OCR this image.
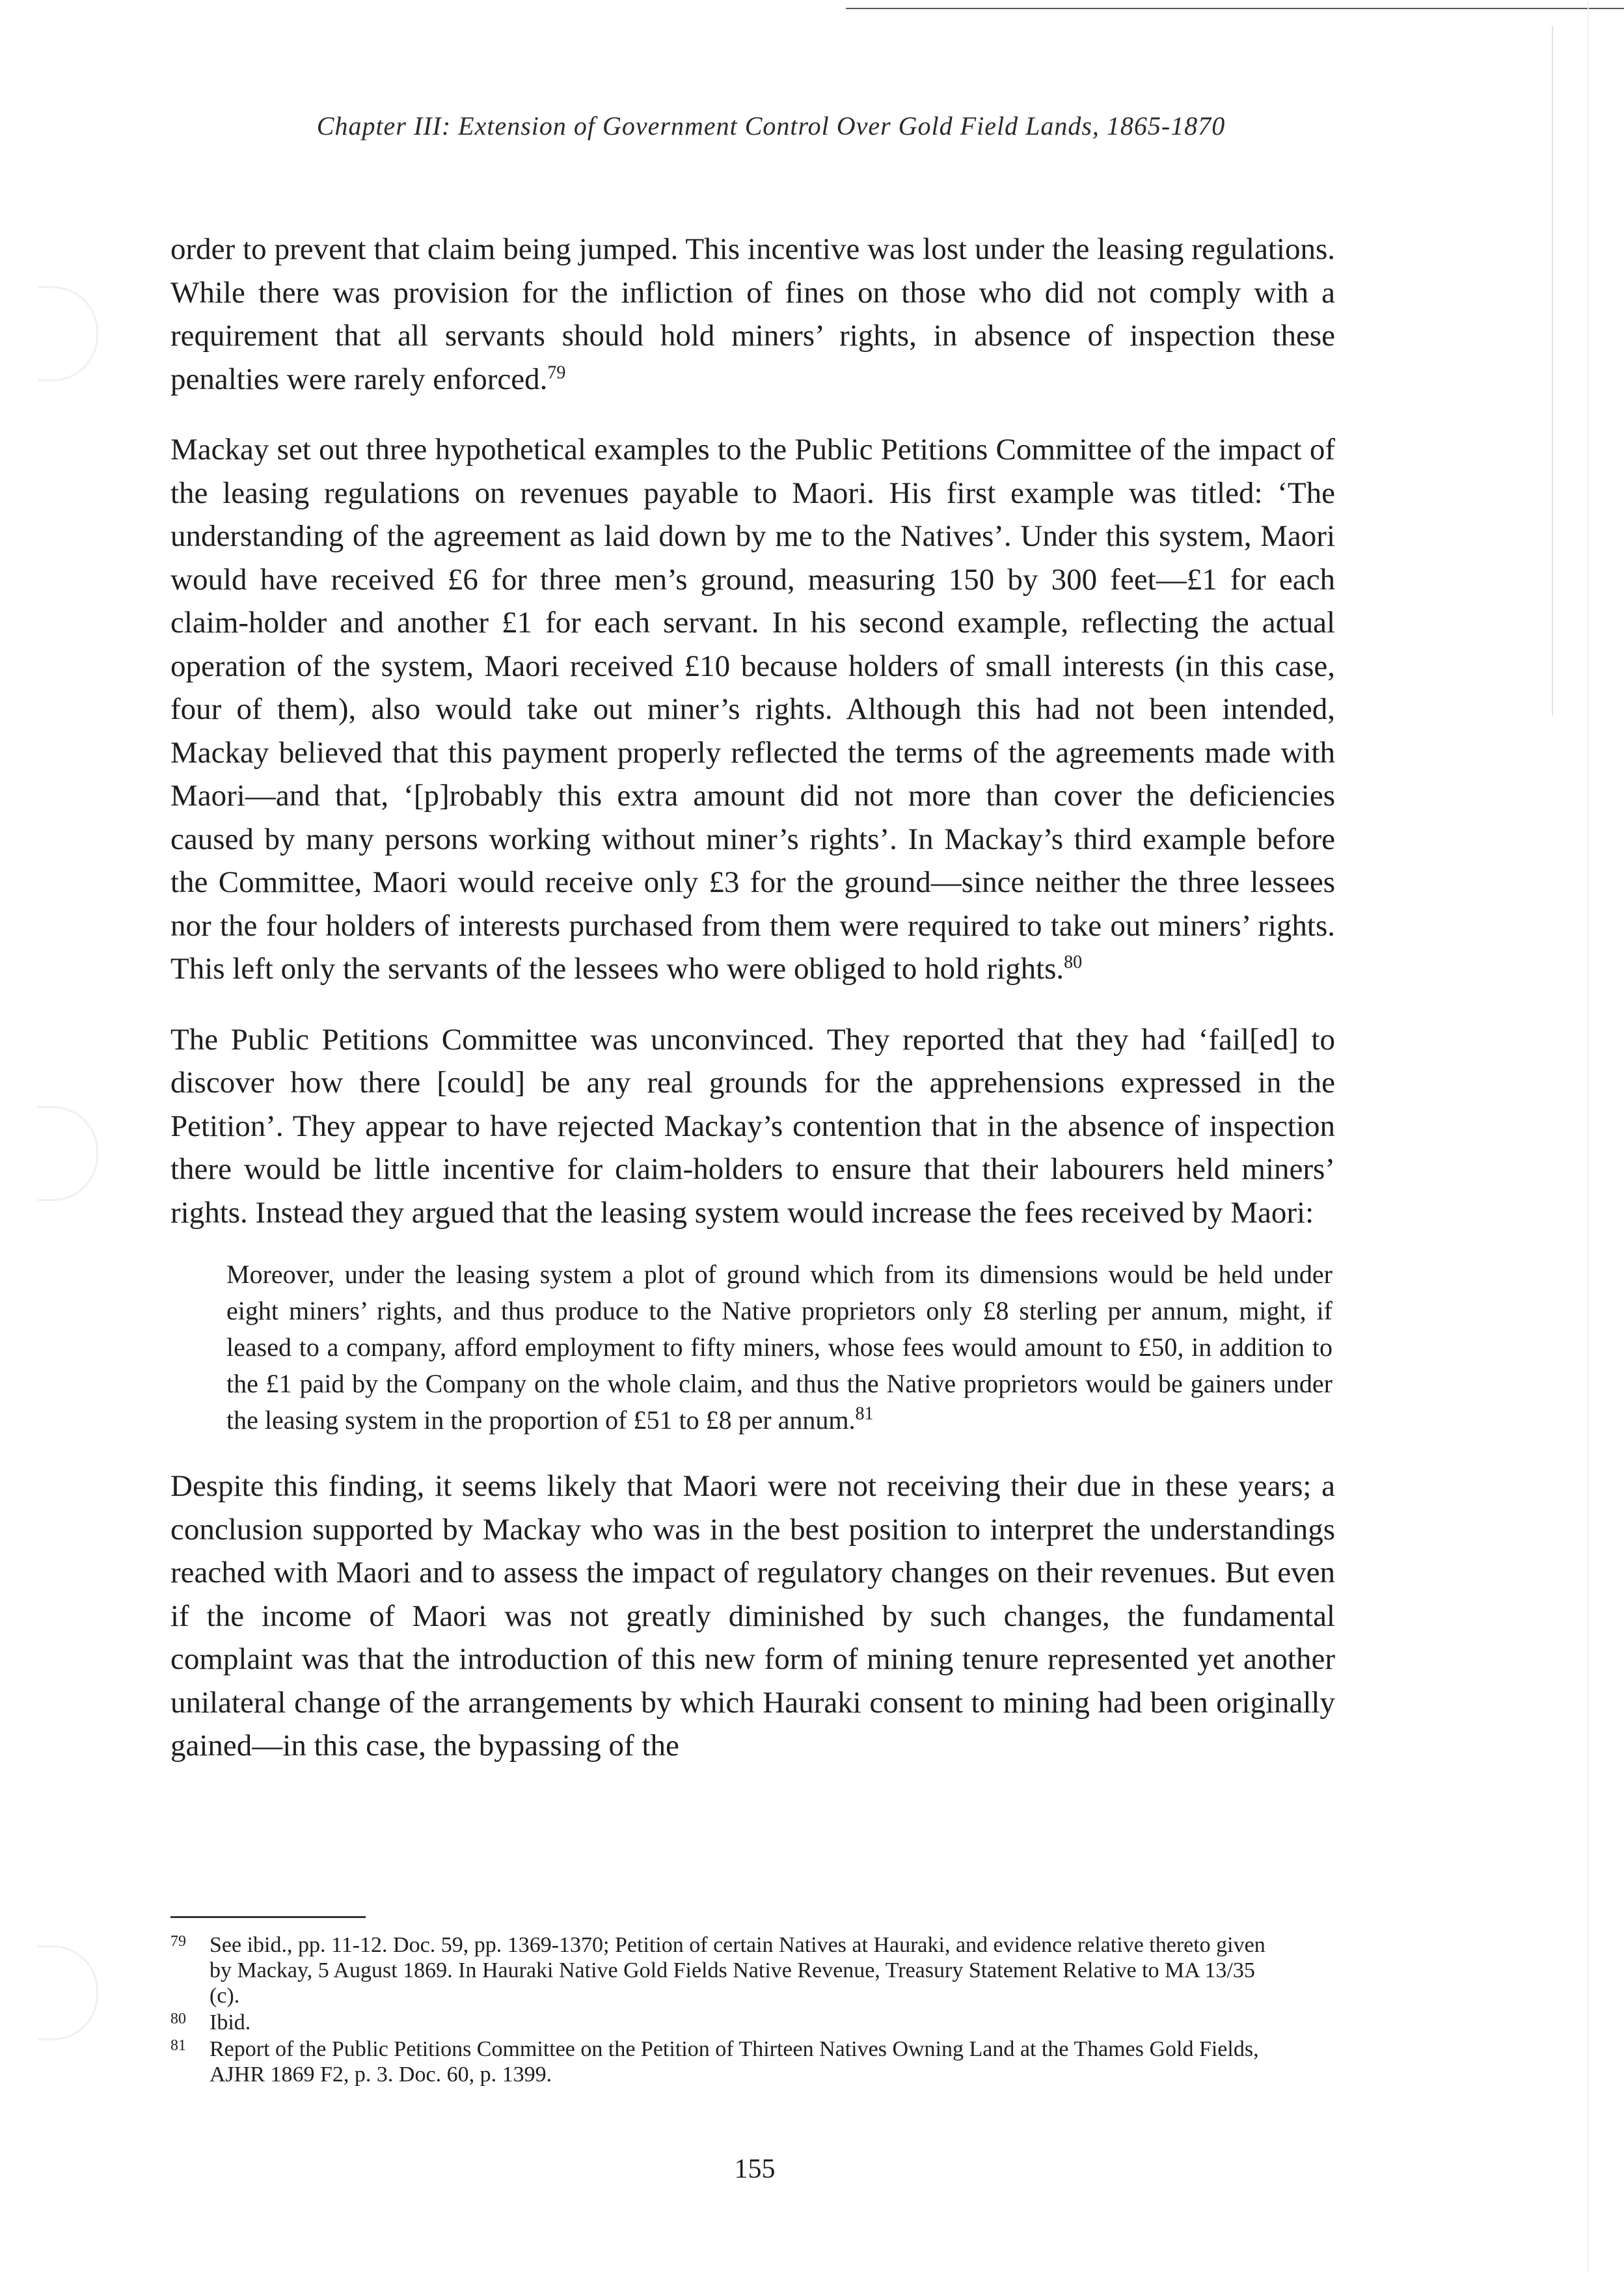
Chapter III: Extension of Government Control Over Gold Field Lands, 1865-1870

order to prevent that claim being jumped. This incentive was lost under the leasing regulations. While there was provision for the infliction of fines on those who did not comply with a requirement that all servants should hold miners’ rights, in absence of inspection these penalties were rarely enforced.$^{79}$

Mackay set out three hypothetical examples to the Public Petitions Committee of the impact of the leasing regulations on revenues payable to Maori. His first example was titled: ‘The understanding of the agreement as laid down by me to the Natives’. Under this system, Maori would have received £6 for three men’s ground, measuring 150 by 300 feet—£1 for each claim-holder and another £1 for each servant. In his second example, reflecting the actual operation of the system, Maori received £10 because holders of small interests (in this case, four of them), also would take out miner’s rights. Although this had not been intended, Mackay believed that this payment properly reflected the terms of the agreements made with Maori—and that, ‘[p]robably this extra amount did not more than cover the deficiencies caused by many persons working without miner’s rights’. In Mackay’s third example before the Committee, Maori would receive only £3 for the ground—since neither the three lessees nor the four holders of interests purchased from them were required to take out miners’ rights. This left only the servants of the lessees who were obliged to hold rights.$^{80}$

The Public Petitions Committee was unconvinced. They reported that they had ‘fail[ed] to discover how there [could] be any real grounds for the apprehensions expressed in the Petition’. They appear to have rejected Mackay’s contention that in the absence of inspection there would be little incentive for claim-holders to ensure that their labourers held miners’ rights. Instead they argued that the leasing system would increase the fees received by Maori:

Moreover, under the leasing system a plot of ground which from its dimensions would be held under eight miners’ rights, and thus produce to the Native proprietors only £8 sterling per annum, might, if leased to a company, afford employment to fifty miners, whose fees would amount to £50, in addition to the £1 paid by the Company on the whole claim, and thus the Native proprietors would be gainers under the leasing system in the proportion of £51 to £8 per annum.$^{81}$

Despite this finding, it seems likely that Maori were not receiving their due in these years; a conclusion supported by Mackay who was in the best position to interpret the understandings reached with Maori and to assess the impact of regulatory changes on their revenues. But even if the income of Maori was not greatly diminished by such changes, the fundamental complaint was that the introduction of this new form of mining tenure represented yet another unilateral change of the arrangements by which Hauraki consent to mining had been originally gained—in this case, the bypassing of the

79	See ibid., pp. 11-12. Doc. 59, pp. 1369-1370; Petition of certain Natives at Hauraki, and evidence relative thereto given by Mackay, 5 August 1869. In Hauraki Native Gold Fields Native Revenue, Treasury Statement Relative to MA 13/35 (c).
80	Ibid.
81	Report of the Public Petitions Committee on the Petition of Thirteen Natives Owning Land at the Thames Gold Fields, AJHR 1869 F2, p. 3. Doc. 60, p. 1399.
155
